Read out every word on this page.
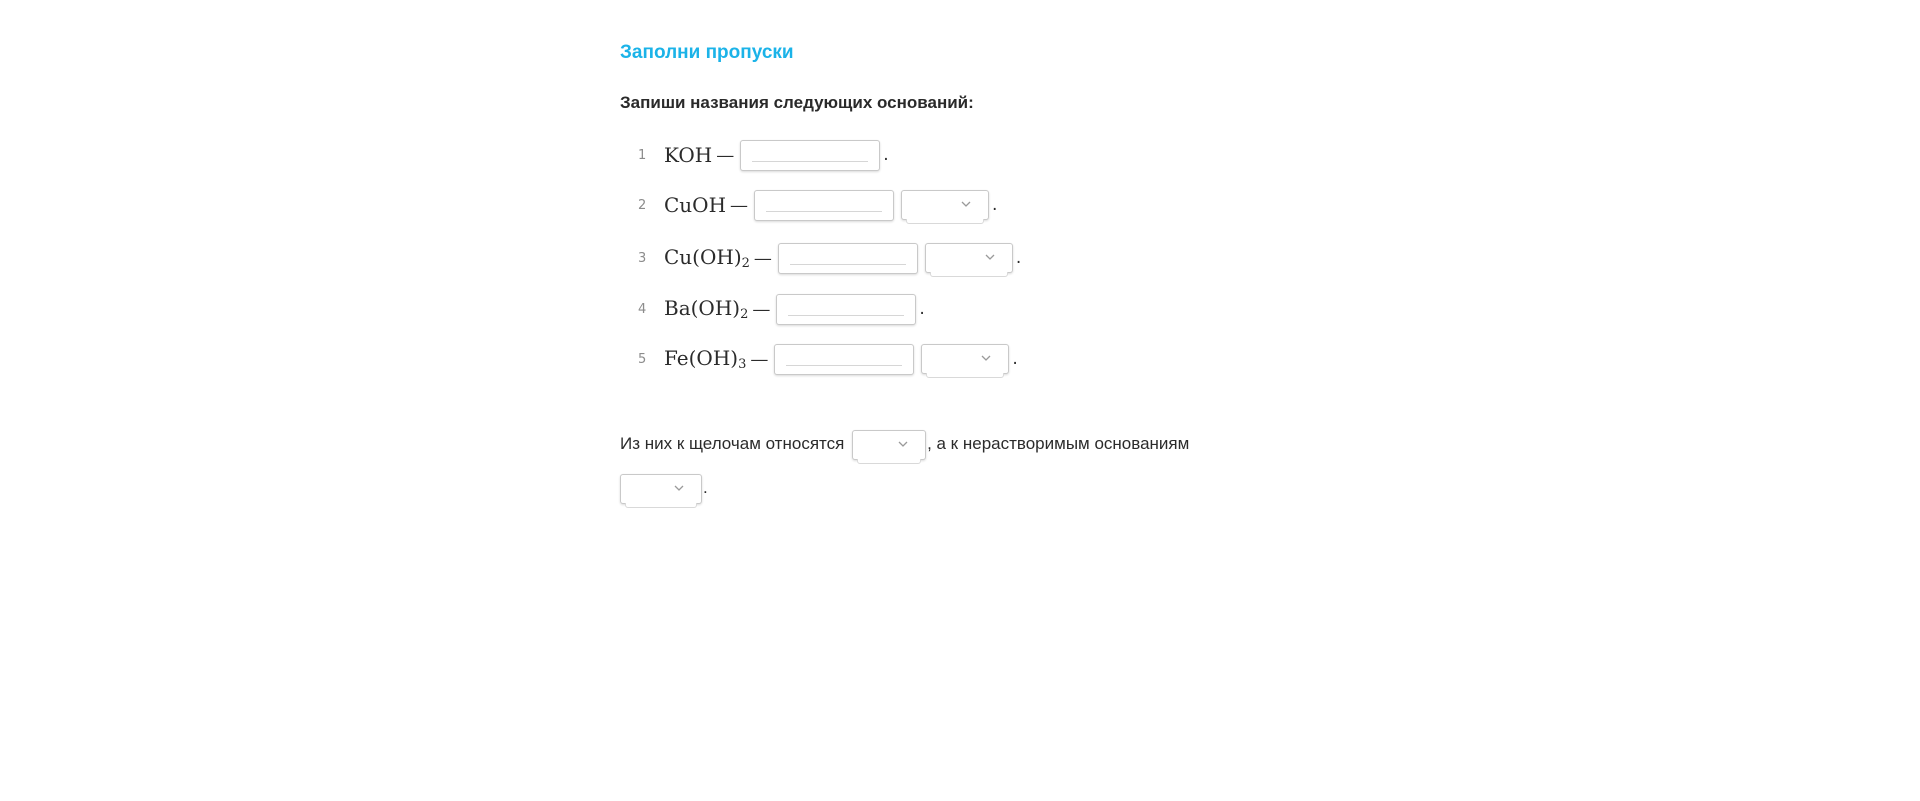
Заполни пропуски
Запиши названия следующих оснований:
1 KOH —	.
2 CuOH —	.
3 $Cu(OH)_2$ —	.
4 $Ba(OH)_2$ —	.
5 $Fe(OH)_3$ —	.
Из них к щелочам относятся	, а к нерастворимым основаниям

.
